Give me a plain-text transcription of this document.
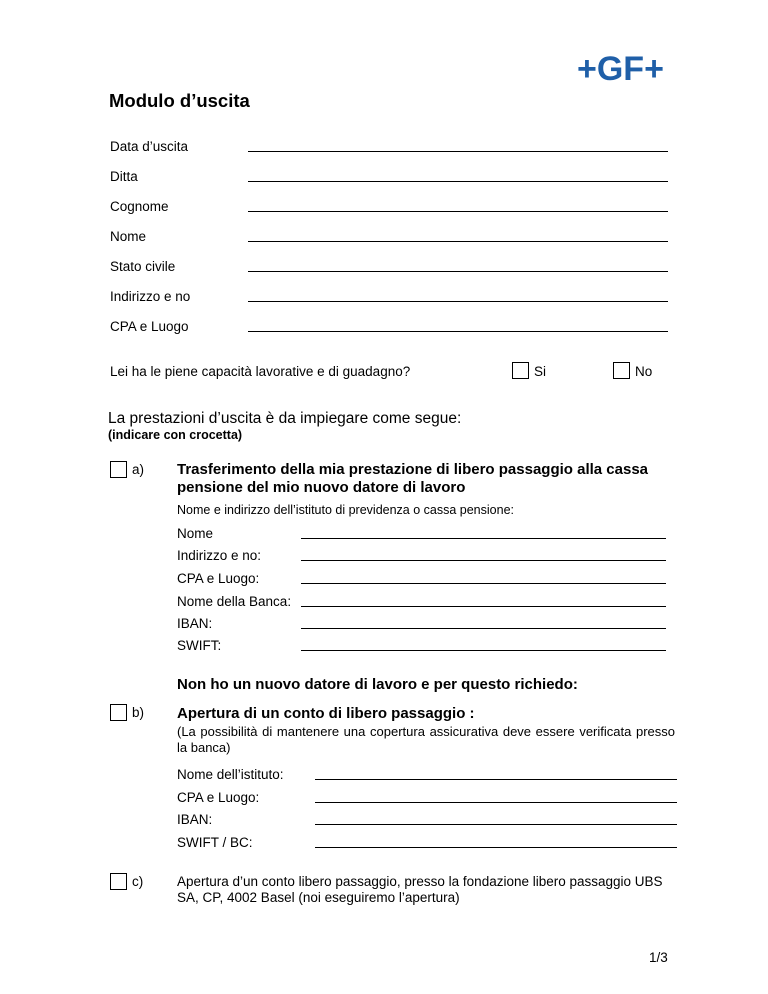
+GF+
Modulo d’uscita
Data d’uscita
Ditta
Cognome
Nome
Stato civile
Indirizzo e no
CPA e Luogo
Lei ha le piene capacità lavorative e di guadagno?	Si	No
La prestazioni d’uscita è da impiegare come segue:
(indicare con crocetta)
a) Trasferimento della mia prestazione di libero passaggio alla cassa pensione del mio nuovo datore di lavoro
Nome e indirizzo dell’istituto di previdenza o cassa pensione:
Nome
Indirizzo e no:
CPA e Luogo:
Nome della Banca:
IBAN:
SWIFT:
Non ho un nuovo datore di lavoro e per questo richiedo:
b) Apertura di un conto di libero passaggio :
(La possibilità di mantenere una copertura assicurativa deve essere verificata presso la banca)
Nome dell’istituto:
CPA e Luogo:
IBAN:
SWIFT / BC:
c)	Apertura d’un conto libero passaggio, presso la fondazione libero passaggio UBS SA, CP, 4002 Basel (noi eseguiremo l’apertura)
1/3
